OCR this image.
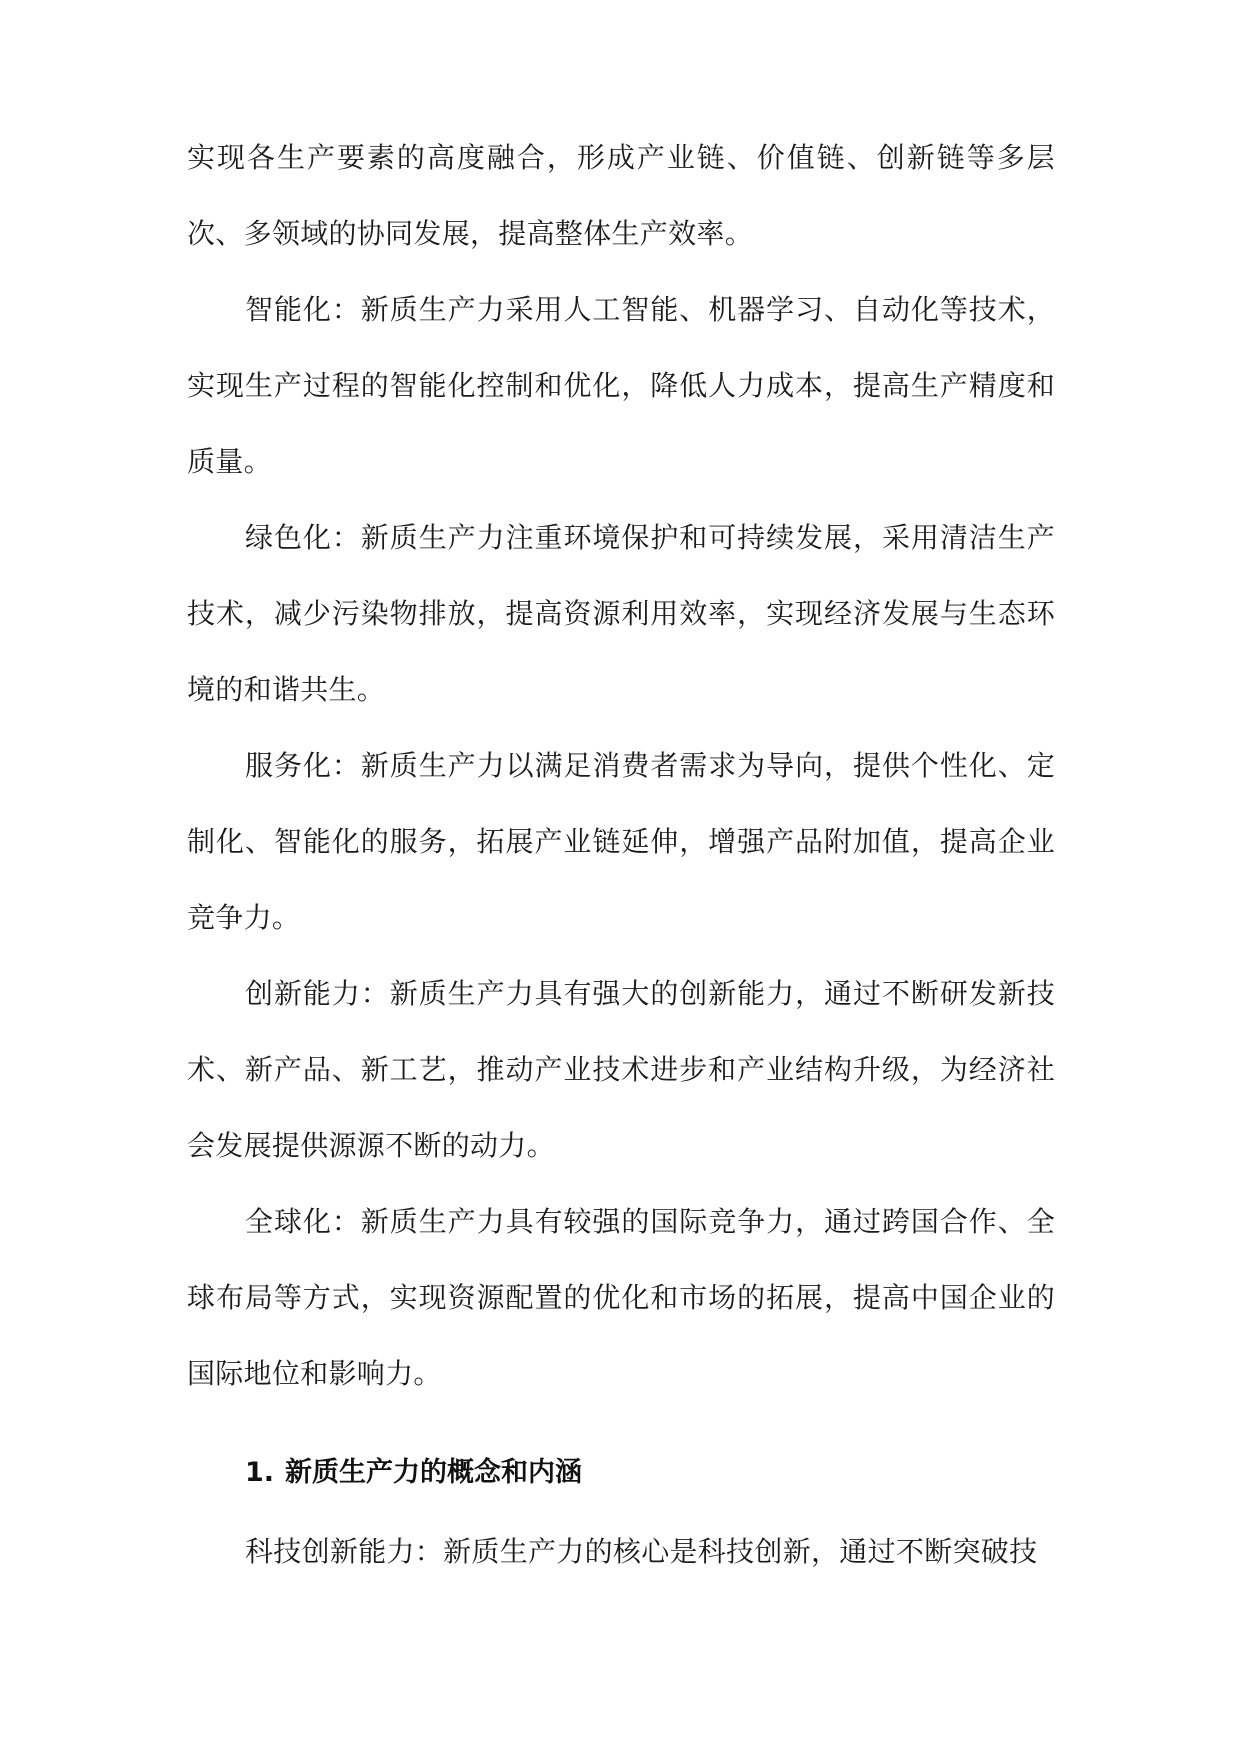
实现各生产要素的高度融合，形成产业链、价值链、创新链等多层次、多领域的协同发展，提高整体生产效率。

智能化：新质生产力采用人工智能、机器学习、自动化等技术，实现生产过程的智能化控制和优化，降低人力成本，提高生产精度和质量。

绿色化：新质生产力注重环境保护和可持续发展，采用清洁生产技术，减少污染物排放，提高资源利用效率，实现经济发展与生态环境的和谐共生。

服务化：新质生产力以满足消费者需求为导向，提供个性化、定制化、智能化的服务，拓展产业链延伸，增强产品附加值，提高企业竞争力。

创新能力：新质生产力具有强大的创新能力，通过不断研发新技术、新产品、新工艺，推动产业技术进步和产业结构升级，为经济社会发展提供源源不断的动力。

全球化：新质生产力具有较强的国际竞争力，通过跨国合作、全球布局等方式，实现资源配置的优化和市场的拓展，提高中国企业的国际地位和影响力。

1. 新质生产力的概念和内涵

科技创新能力：新质生产力的核心是科技创新，通过不断突破技
